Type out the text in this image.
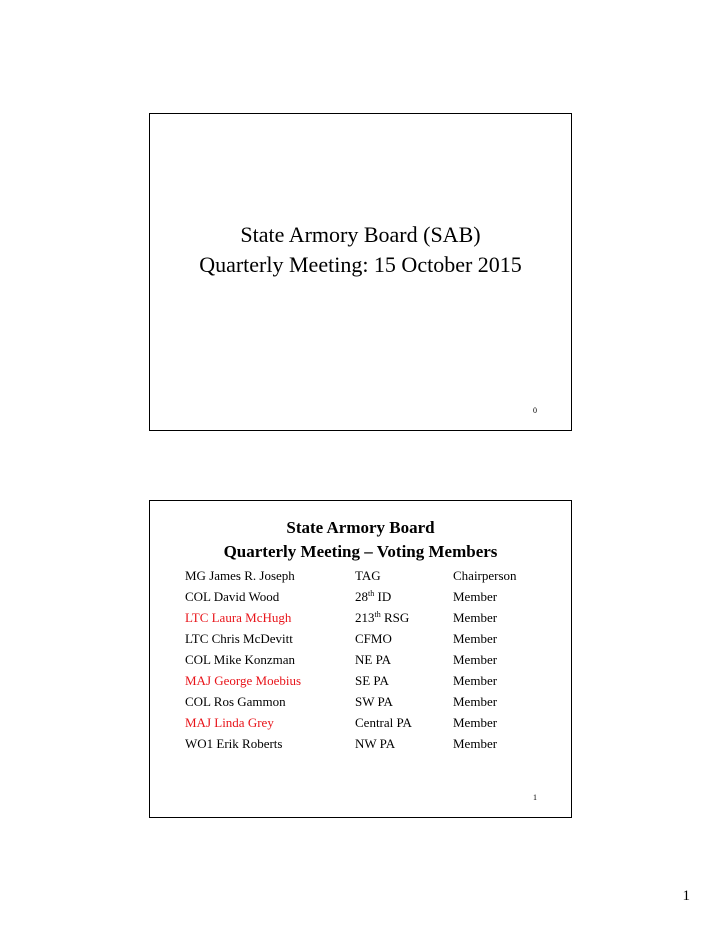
State Armory Board (SAB)
Quarterly Meeting: 15 October 2015
0
State Armory Board
Quarterly Meeting – Voting Members
MG James R. Joseph	TAG	Chairperson
COL David Wood	28th ID	Member
LTC Laura McHugh	213th RSG	Member
LTC Chris McDevitt	CFMO	Member
COL Mike Konzman	NE PA	Member
MAJ George Moebius	SE PA	Member
COL Ros Gammon	SW PA	Member
MAJ Linda Grey	Central PA	Member
WO1 Erik Roberts	NW PA	Member
1
1
